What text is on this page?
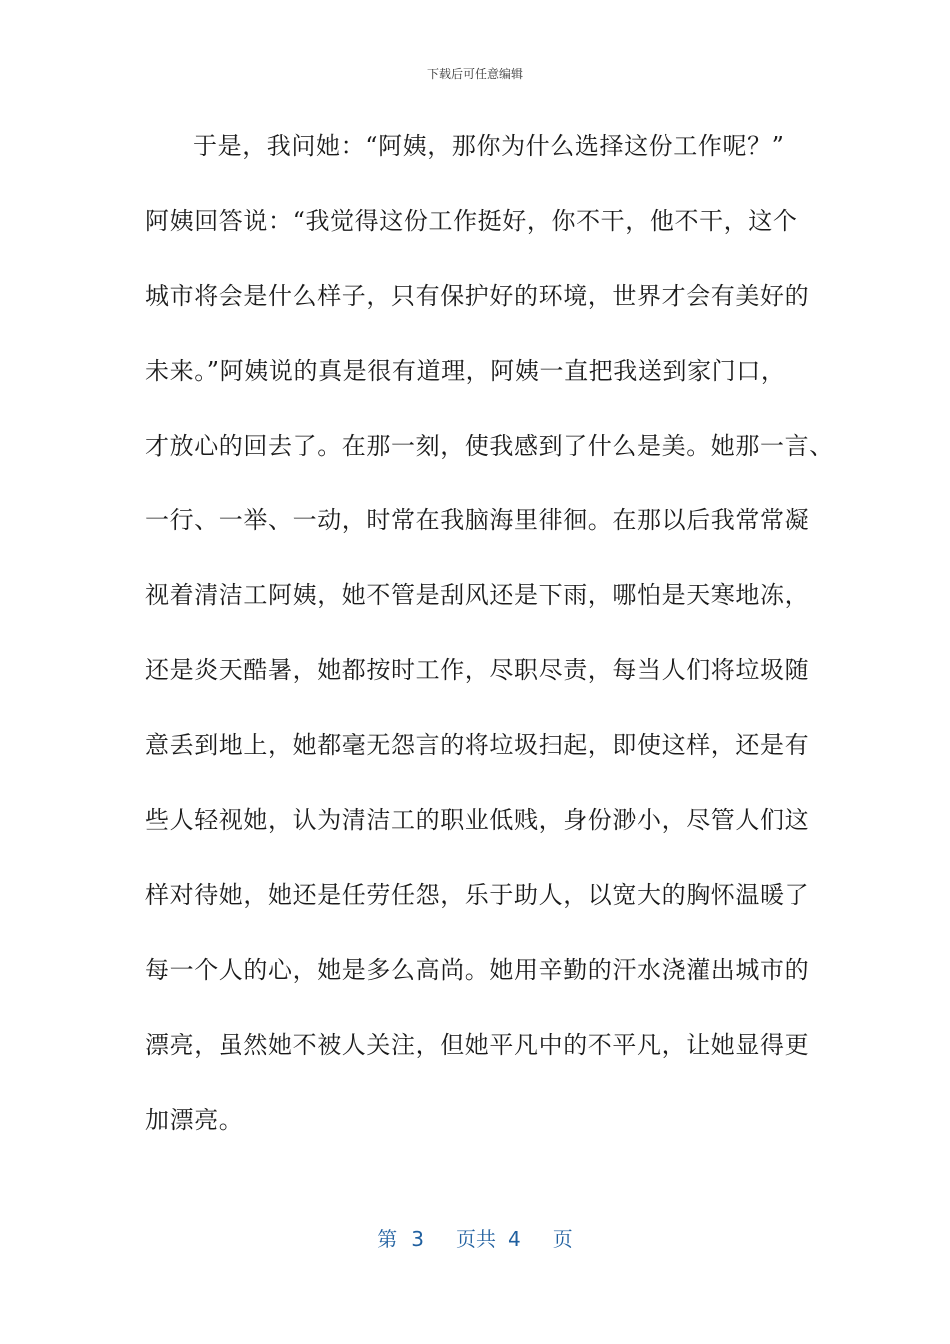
下载后可任意编辑
于是，我问她：“阿姨，那你为什么选择这份工作呢？”
阿姨回答说：“我觉得这份工作挺好，你不干，他不干，这个
城市将会是什么样子，只有保护好的环境，世界才会有美好的
未来。”阿姨说的真是很有道理，阿姨一直把我送到家门口，
才放心的回去了。在那一刻，使我感到了什么是美。她那一言、
一行、一举、一动，时常在我脑海里徘徊。在那以后我常常凝
视着清洁工阿姨，她不管是刮风还是下雨，哪怕是天寒地冻，
还是炎天酷暑，她都按时工作，尽职尽责，每当人们将垃圾随
意丢到地上，她都毫无怨言的将垃圾扫起，即使这样，还是有
些人轻视她，认为清洁工的职业低贱，身份渺小，尽管人们这
样对待她，她还是任劳任怨，乐于助人，以宽大的胸怀温暖了
每一个人的心，她是多么高尚。她用辛勤的汗水浇灌出城市的
漂亮，虽然她不被人关注，但她平凡中的不平凡，让她显得更
加漂亮。
第 3 页共 4 页
